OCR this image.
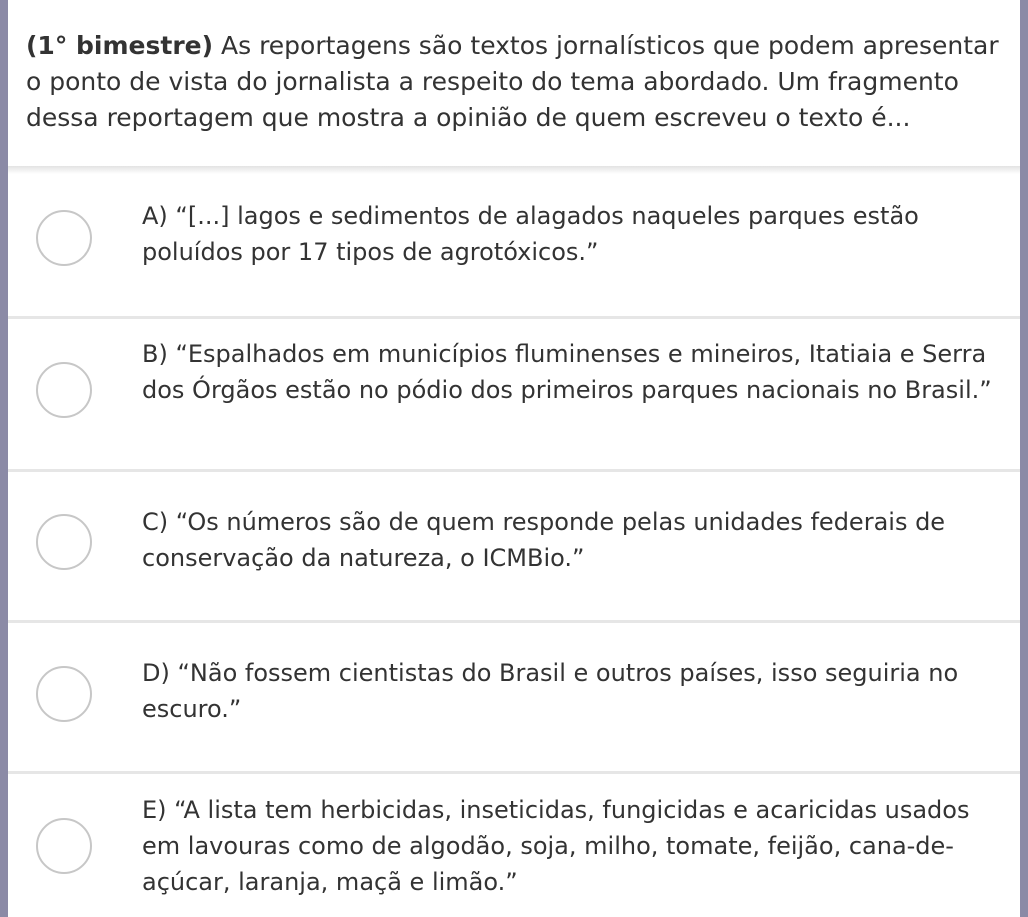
(1° bimestre) As reportagens são textos jornalísticos que podem apresentar o ponto de vista do jornalista a respeito do tema abordado. Um fragmento dessa reportagem que mostra a opinião de quem escreveu o texto é...
A) “[...] lagos e sedimentos de alagados naqueles parques estão poluídos por 17 tipos de agrotóxicos.”
B) “Espalhados em municípios fluminenses e mineiros, Itatiaia e Serra dos Órgãos estão no pódio dos primeiros parques nacionais no Brasil.”
C) “Os números são de quem responde pelas unidades federais de conservação da natureza, o ICMBio.”
D) “Não fossem cientistas do Brasil e outros países, isso seguiria no escuro.”
E) “A lista tem herbicidas, inseticidas, fungicidas e acaricidas usados em lavouras como de algodão, soja, milho, tomate, feijão, cana-de-açúcar, laranja, maçã e limão.”
